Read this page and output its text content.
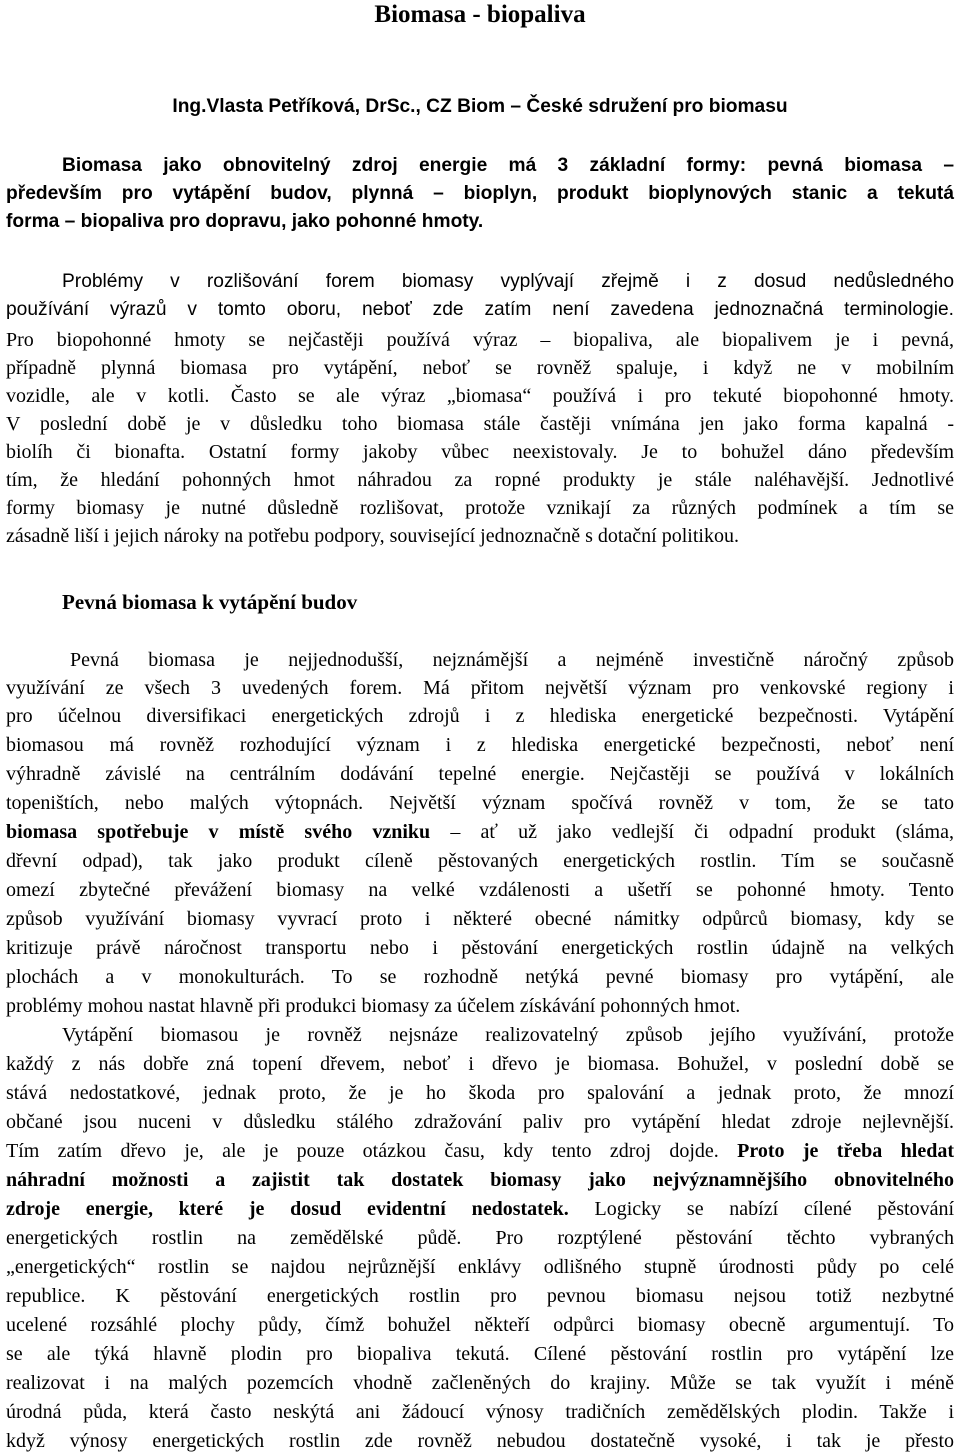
Biomasa - biopaliva
Ing.Vlasta Petříková, DrSc., CZ Biom – České sdružení pro biomasu
Biomasa jako obnovitelný zdroj energie má 3 základní formy: pevná biomasa –
především pro vytápění budov, plynná – bioplyn, produkt bioplynových stanic a tekutá
forma – biopaliva pro dopravu, jako pohonné hmoty.
Problémy v rozlišování forem biomasy vyplývají zřejmě i z dosud nedůsledného
používání výrazů v tomto oboru, neboť zde zatím není zavedena jednoznačná terminologie.
Pro biopohonné hmoty se nejčastěji používá výraz – biopaliva, ale biopalivem je i pevná,
případně plynná biomasa pro vytápění, neboť se rovněž spaluje, i když ne v mobilním
vozidle, ale v kotli. Často se ale výraz „biomasa“ používá i pro tekuté biopohonné hmoty.
V poslední době je v důsledku toho biomasa stále častěji vnímána jen jako forma kapalná -
biolíh či bionafta. Ostatní formy jakoby vůbec neexistovaly. Je to bohužel dáno především
tím, že hledání pohonných hmot náhradou za ropné produkty je stále naléhavější. Jednotlivé
formy biomasy je nutné důsledně rozlišovat, protože vznikají za různých podmínek a tím se
zásadně liší i jejich nároky na potřebu podpory, související jednoznačně s dotační politikou.
Pevná biomasa k vytápění budov
Pevná biomasa je nejjednodušší, nejznámější a nejméně investičně náročný způsob
využívání ze všech 3 uvedených forem. Má přitom největší význam pro venkovské regiony i
pro účelnou diversifikaci energetických zdrojů i z hlediska energetické bezpečnosti. Vytápění
biomasou má rovněž rozhodující význam i z hlediska energetické bezpečnosti, neboť není
výhradně závislé na centrálním dodávání tepelné energie. Nejčastěji se používá v lokálních
topeništích, nebo malých výtopnách. Největší význam spočívá rovněž v tom, že se tato
biomasa spotřebuje v místě svého vzniku – ať už jako vedlejší či odpadní produkt (sláma,
dřevní odpad), tak jako produkt cíleně pěstovaných energetických rostlin. Tím se současně
omezí zbytečné převážení biomasy na velké vzdálenosti a ušetří se pohonné hmoty. Tento
způsob využívání biomasy vyvrací proto i některé obecné námitky odpůrců biomasy, kdy se
kritizuje právě náročnost transportu nebo i pěstování energetických rostlin údajně na velkých
plochách a v monokulturách. To se rozhodně netýká pevné biomasy pro vytápění, ale
problémy mohou nastat hlavně při produkci biomasy za účelem získávání pohonných hmot.
Vytápění biomasou je rovněž nejsnáze realizovatelný způsob jejího využívání, protože
každý z nás dobře zná topení dřevem, neboť i dřevo je biomasa. Bohužel, v poslední době se
stává nedostatkové, jednak proto, že je ho škoda pro spalování a jednak proto, že mnozí
občané jsou nuceni v důsledku stálého zdražování paliv pro vytápění hledat zdroje nejlevnější.
Tím zatím dřevo je, ale je pouze otázkou času, kdy tento zdroj dojde. Proto je třeba hledat
náhradní možnosti a zajistit tak dostatek biomasy jako nejvýznamnějšího obnovitelného
zdroje energie, které je dosud evidentní nedostatek. Logicky se nabízí cílené pěstování
energetických rostlin na zemědělské půdě. Pro rozptýlené pěstování těchto vybraných
„energetických“ rostlin se najdou nejrůznější enklávy odlišného stupně úrodnosti půdy po celé
republice. K pěstování energetických rostlin pro pevnou biomasu nejsou totiž nezbytné
ucelené rozsáhlé plochy půdy, čímž bohužel někteří odpůrci biomasy obecně argumentují. To
se ale týká hlavně plodin pro biopaliva tekutá. Cílené pěstování rostlin pro vytápění lze
realizovat i na malých pozemcích vhodně začleněných do krajiny. Může se tak využít i méně
úrodná půda, která často neskýtá ani žádoucí výnosy tradičních zemědělských plodin. Takže i
když výnosy energetických rostlin zde rovněž nebudou dostatečně vysoké, i tak je přesto
